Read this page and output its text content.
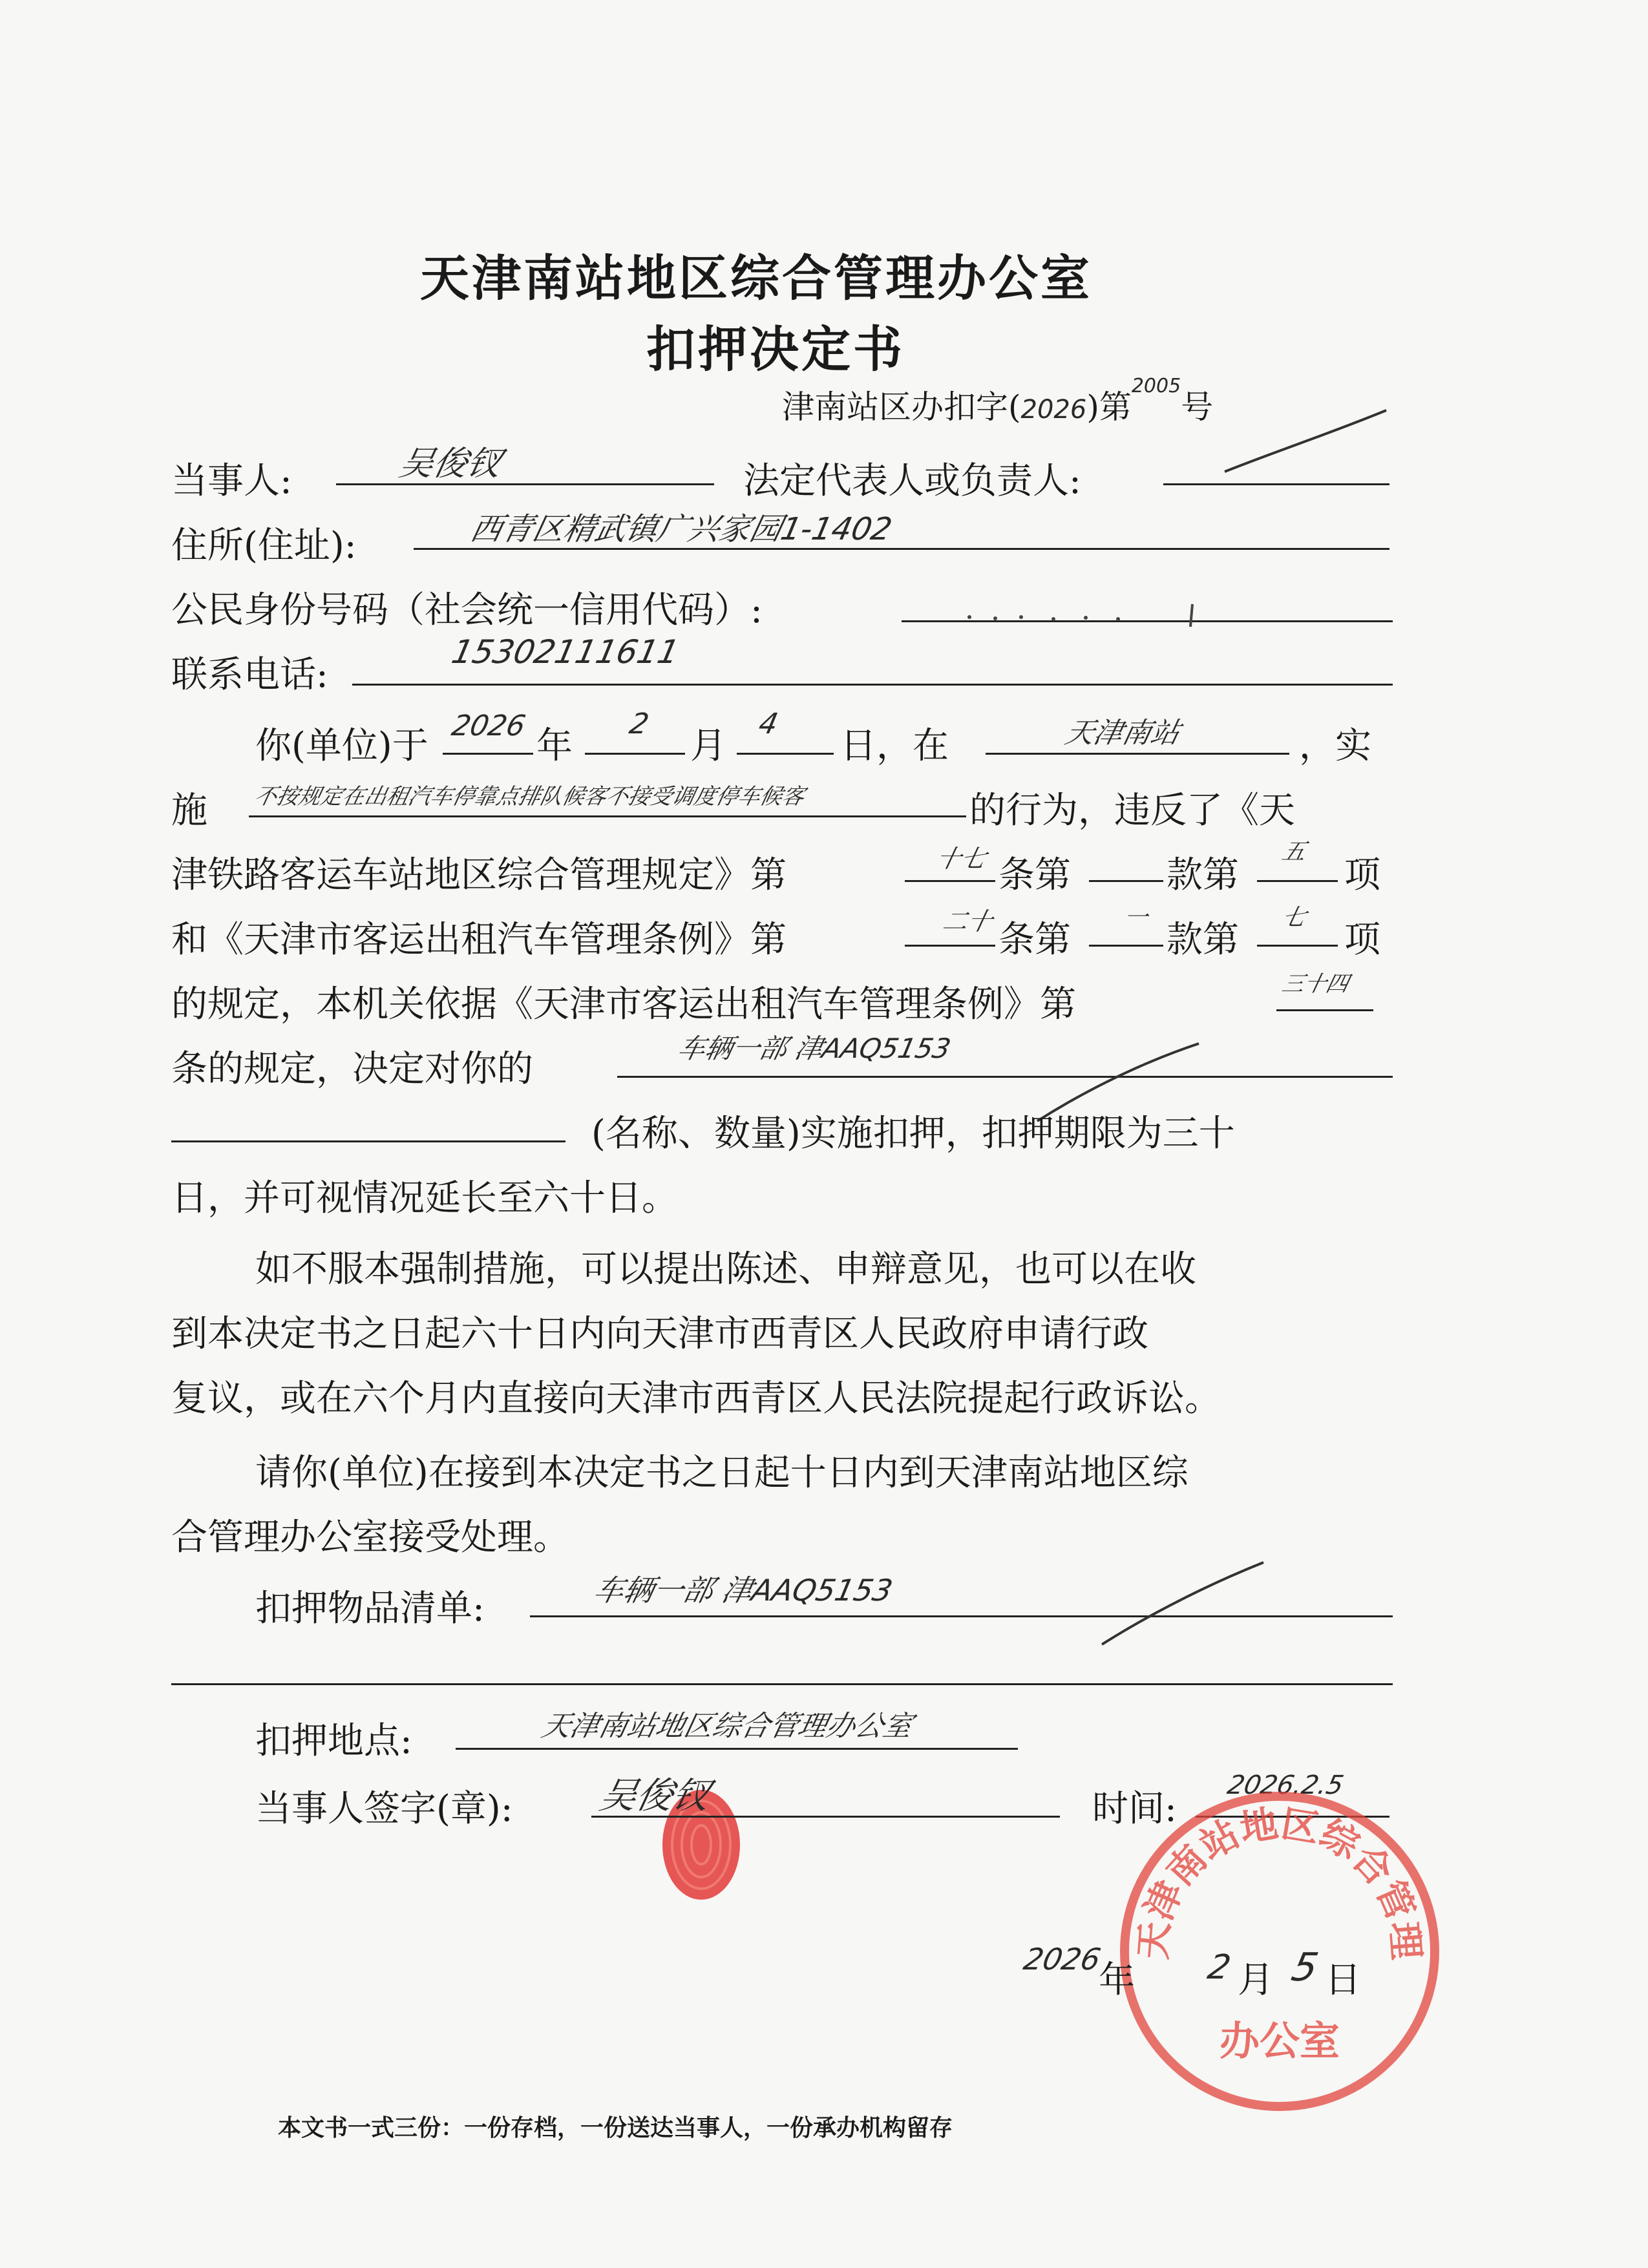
天津南站地区综合管理办公室
扣押决定书
津南站区办扣字(2026)第$^{2005}$号
当事人:	吴俊钗	法定代表人或负责人:
住所(住址):	西青区精武镇广兴家园1-1402
公民身份号码（社会统一信用代码）:
联系电话:
15302111611
你(单位)于 2026 年
2
月
4
日，在	天津南站	，实
施 不按规定在出租汽车停靠点排队候客不接受调度停车候客	的行为，违反了《天
津铁路客运车站地区综合管理规定》第	十七 条第	款第
五
项
和《天津市客运出租汽车管理条例》第	二十 条第
一
款第
七
项
的规定，本机关依据《天津市客运出租汽车管理条例》第	三十四
条的规定，决定对你的	车辆一部 津AAQ5153
(名称、数量)实施扣押，扣押期限为三十
日，并可视情况延长至六十日。
如不服本强制措施，可以提出陈述、申辩意见，也可以在收
到本决定书之日起六十日内向天津市西青区人民政府申请行政
复议，或在六个月内直接向天津市西青区人民法院提起行政诉讼。
请你(单位)在接到本决定书之日起十日内到天津南站地区综
合管理办公室接受处理。
扣押物品清单:	车辆一部 津AAQ5153
扣押地点:	天津南站地区综合管理办公室
当事人签字(章): 吴俊钗	时间:
2026.2.5
天津南站地区综合管理
办公室
2026
年 2 月 5 日
本文书一式三份：一份存档，一份送达当事人，一份承办机构留存
